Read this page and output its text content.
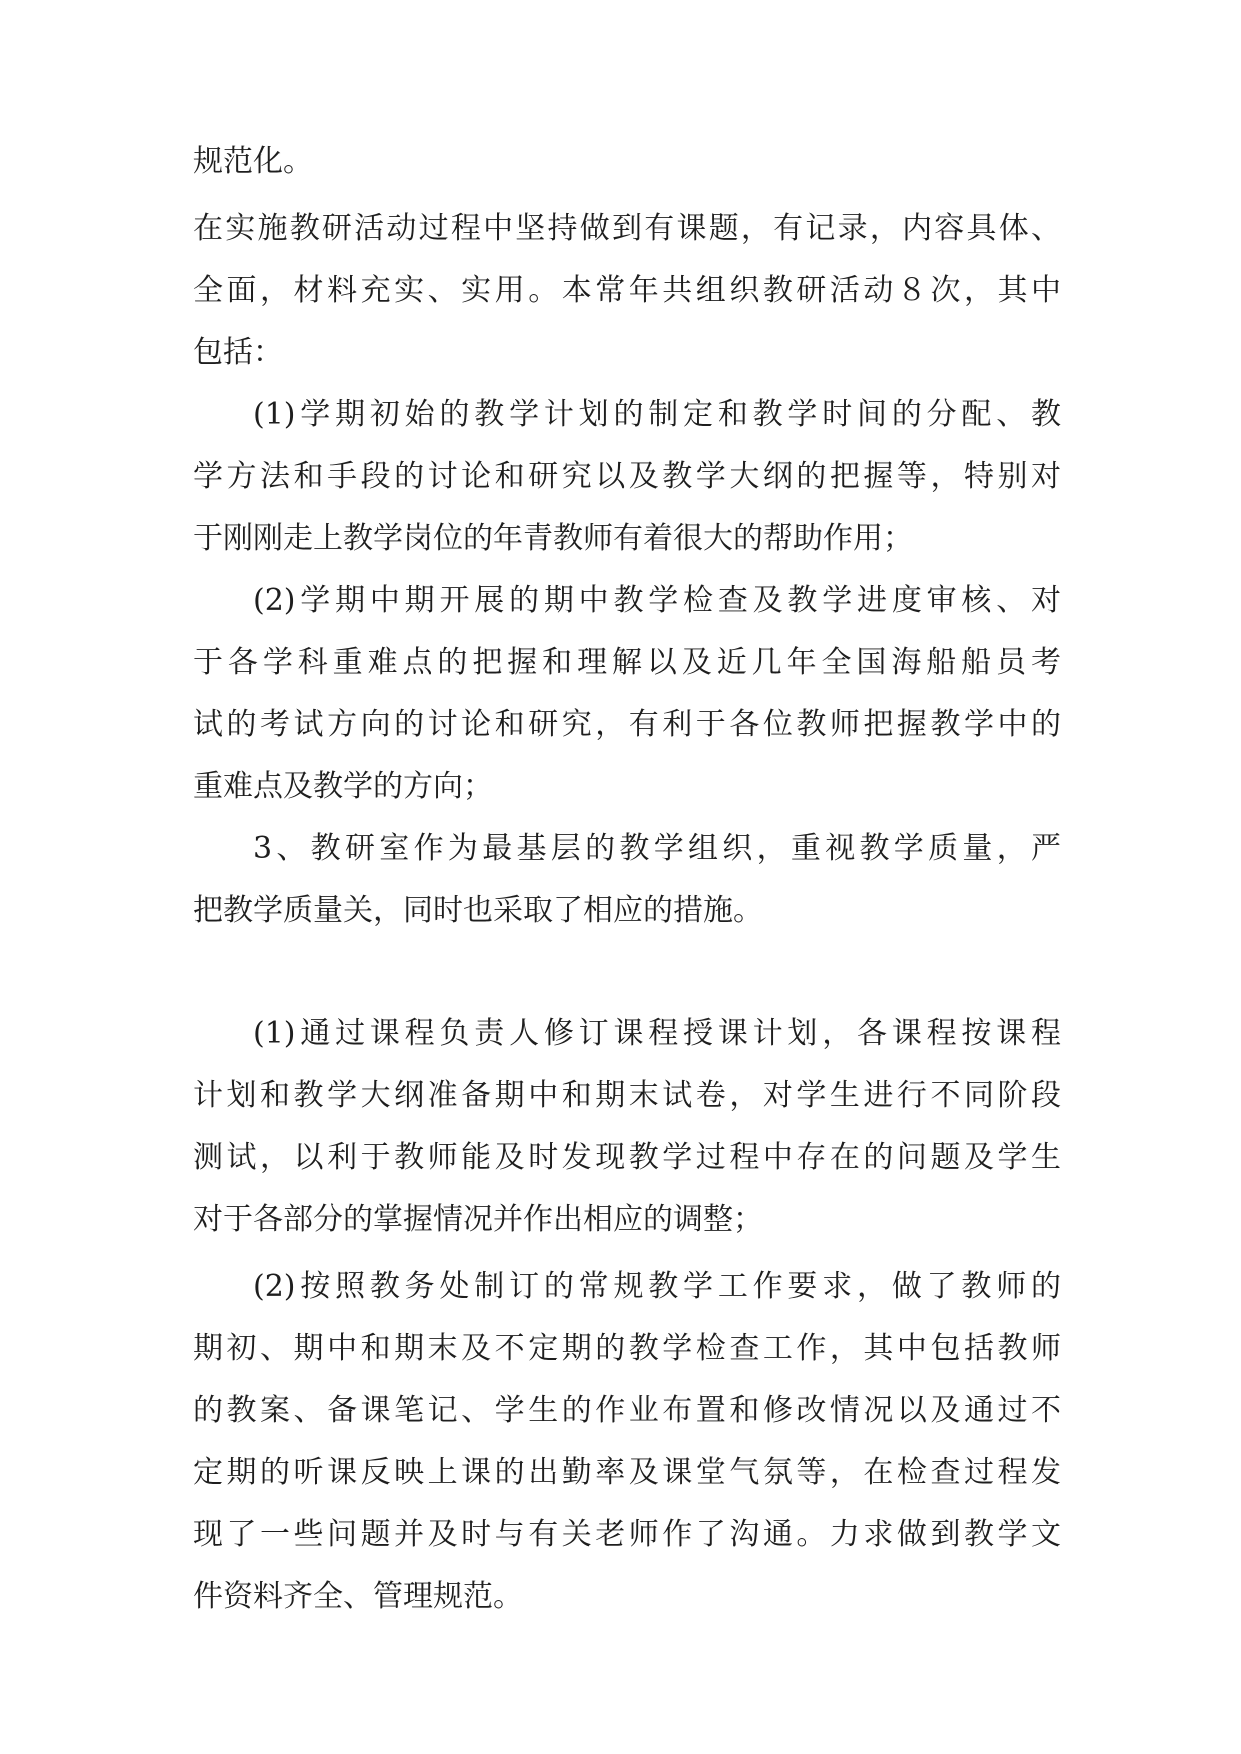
规范化。
在实施教研活动过程中坚持做到有课题，有记录，内容具体、
全面，材料充实、实用。本常年共组织教研活动８次，其中
包括：
(1)学期初始的教学计划的制定和教学时间的分配、教
学方法和手段的讨论和研究以及教学大纲的把握等，特别对
于刚刚走上教学岗位的年青教师有着很大的帮助作用；
(2)学期中期开展的期中教学检查及教学进度审核、对
于各学科重难点的把握和理解以及近几年全国海船船员考
试的考试方向的讨论和研究，有利于各位教师把握教学中的
重难点及教学的方向；
3、教研室作为最基层的教学组织，重视教学质量，严
把教学质量关，同时也采取了相应的措施。
(1)通过课程负责人修订课程授课计划，各课程按课程
计划和教学大纲准备期中和期末试卷，对学生进行不同阶段
测试，以利于教师能及时发现教学过程中存在的问题及学生
对于各部分的掌握情况并作出相应的调整；
(2)按照教务处制订的常规教学工作要求，做了教师的
期初、期中和期末及不定期的教学检查工作，其中包括教师
的教案、备课笔记、学生的作业布置和修改情况以及通过不
定期的听课反映上课的出勤率及课堂气氛等，在检查过程发
现了一些问题并及时与有关老师作了沟通。力求做到教学文
件资料齐全、管理规范。
